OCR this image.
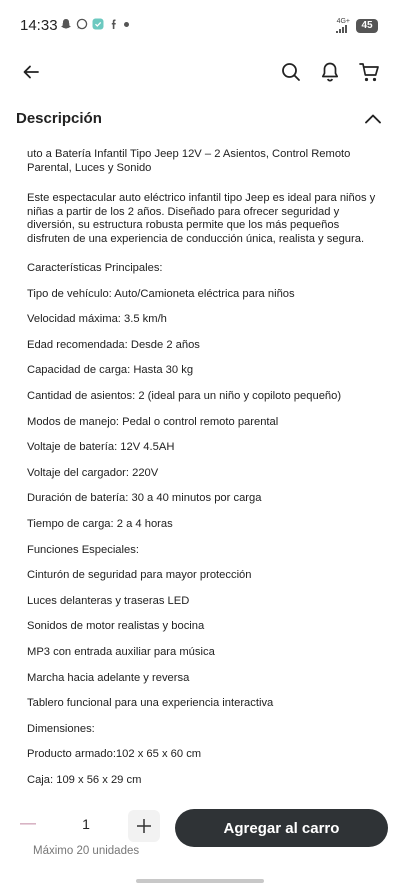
14:33	4G+	45
Descripción

uto a Batería Infantil Tipo Jeep 12V – 2 Asientos, Control Remoto Parental, Luces y Sonido

Este espectacular auto eléctrico infantil tipo Jeep es ideal para niños y niñas a partir de los 2 años. Diseñado para ofrecer seguridad y diversión, su estructura robusta permite que los más pequeños disfruten de una experiencia de conducción única, realista y segura.

Características Principales:

Tipo de vehículo: Auto/Camioneta eléctrica para niños

Velocidad máxima: 3.5 km/h

Edad recomendada: Desde 2 años

Capacidad de carga: Hasta 30 kg

Cantidad de asientos: 2 (ideal para un niño y copiloto pequeño)

Modos de manejo: Pedal o control remoto parental

Voltaje de batería: 12V 4.5AH

Voltaje del cargador: 220V

Duración de batería: 30 a 40 minutos por carga

Tiempo de carga: 2 a 4 horas

Funciones Especiales:

Cinturón de seguridad para mayor protección

Luces delanteras y traseras LED

Sonidos de motor realistas y bocina

MP3 con entrada auxiliar para música

Marcha hacia adelante y reversa

Tablero funcional para una experiencia interactiva

Dimensiones:

Producto armado:102 x 65 x 60 cm

Caja: 109 x 56 x 29 cm

1	Agregar al carro
Máximo 20 unidades
